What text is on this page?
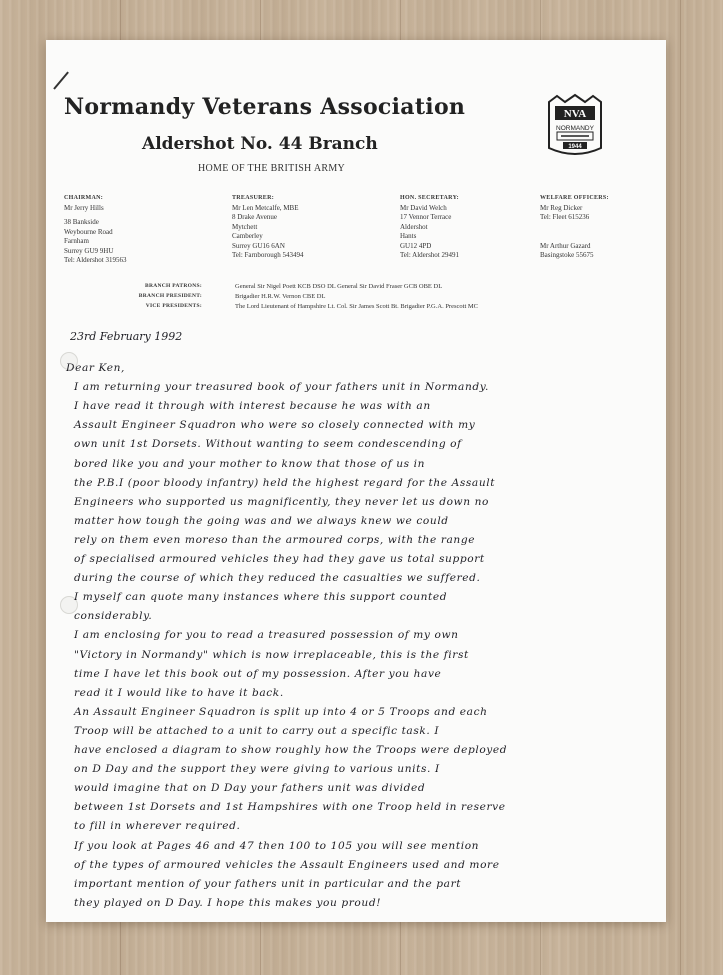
Normandy Veterans Association
Aldershot No. 44 Branch
HOME OF THE BRITISH ARMY
NVA
NORMANDY
1944
CHAIRMAN:
Mr Jerry Hills
38 Bankside
Weybourne Road
Farnham
Surrey GU9 9HU
Tel: Aldershot 319563
TREASURER:
Mr Len Metcalfe, MBE
8 Drake Avenue
Mytchett
Camberley
Surrey GU16 6AN
Tel: Farnborough 543494
HON. SECRETARY:
Mr David Welch
17 Vennor Terrace
Aldershot
Hants
GU12 4PD
Tel: Aldershot 29491
WELFARE OFFICERS:
Mr Reg Dicker
Tel: Fleet 615236
Mr Arthur Gazard
Basingstoke 55675
BRANCH PATRONS:	General Sir Nigel Poett KCB DSO DL General Sir David Fraser GCB OBE DL
BRANCH PRESIDENT:	Brigadier H.R.W. Vernon CBE DL
VICE PRESIDENTS:	The Lord Lieutenant of Hampshire Lt. Col. Sir James Scott Bt. Brigadier P.G.A. Prescott MC
23rd February 1992
Dear Ken,
I am returning your treasured book of your fathers unit in Normandy.
I have read it through with interest because he was with an
Assault Engineer Squadron who were so closely connected with my
own unit 1st Dorsets. Without wanting to seem condescending of
bored like you and your mother to know that those of us in
the P.B.I (poor bloody infantry) held the highest regard for the Assault
Engineers who supported us magnificently, they never let us down no
matter how tough the going was and we always knew we could
rely on them even moreso than the armoured corps, with the range
of specialised armoured vehicles they had they gave us total support
during the course of which they reduced the casualties we suffered.
I myself can quote many instances where this support counted
considerably.
I am enclosing for you to read a treasured possession of my own
"Victory in Normandy" which is now irreplaceable, this is the first
time I have let this book out of my possession. After you have
read it I would like to have it back.
An Assault Engineer Squadron is split up into 4 or 5 Troops and each
Troop will be attached to a unit to carry out a specific task. I
have enclosed a diagram to show roughly how the Troops were deployed
on D Day and the support they were giving to various units. I
would imagine that on D Day your fathers unit was divided
between 1st Dorsets and 1st Hampshires with one Troop held in reserve
to fill in wherever required.
If you look at Pages 46 and 47 then 100 to 105 you will see mention
of the types of armoured vehicles the Assault Engineers used and more
important mention of your fathers unit in particular and the part
they played on D Day. I hope this makes you proud!
